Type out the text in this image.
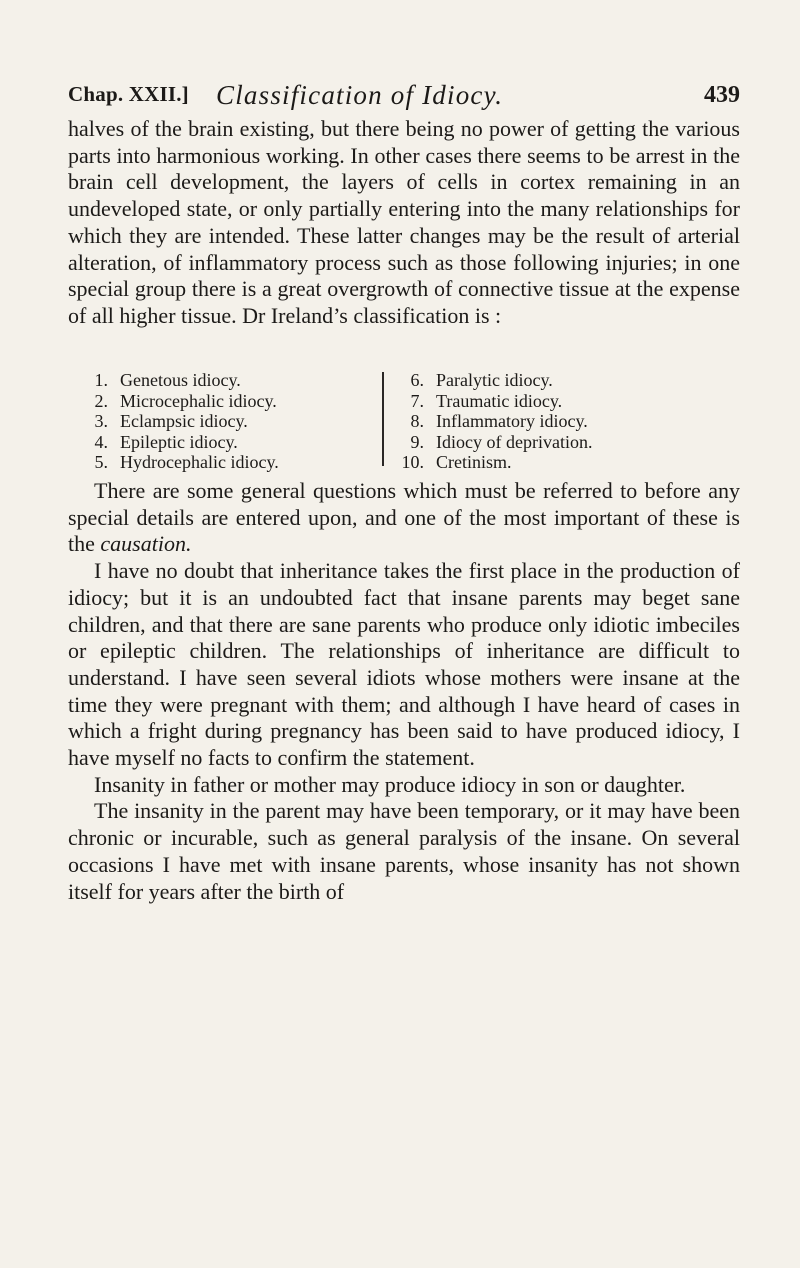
Chap. XXII.] Classification of Idiocy.	439

halves of the brain existing, but there being no power of getting the various parts into harmonious working. In other cases there seems to be arrest in the brain cell development, the layers of cells in cortex remaining in an undeveloped state, or only partially entering into the many relationships for which they are intended. These latter changes may be the result of arterial alteration, of inflammatory process such as those following injuries; in one special group there is a great overgrowth of connective tissue at the expense of all higher tissue. Dr Ireland’s classification is :

1. Genetous idiocy.
2. Microcephalic idiocy.
3. Eclampsic idiocy.
4. Epileptic idiocy.
5. Hydrocephalic idiocy.
6. Paralytic idiocy.
7. Traumatic idiocy.
8. Inflammatory idiocy.
9. Idiocy of deprivation.
10. Cretinism.

There are some general questions which must be referred to before any special details are entered upon, and one of the most important of these is the causation.

I have no doubt that inheritance takes the first place in the production of idiocy; but it is an undoubted fact that insane parents may beget sane children, and that there are sane parents who produce only idiotic imbeciles or epileptic children. The relationships of inheritance are difficult to understand. I have seen several idiots whose mothers were insane at the time they were pregnant with them; and although I have heard of cases in which a fright during pregnancy has been said to have produced idiocy, I have myself no facts to confirm the statement.

Insanity in father or mother may produce idiocy in son or daughter.

The insanity in the parent may have been temporary, or it may have been chronic or incurable, such as general paralysis of the insane. On several occasions I have met with insane parents, whose insanity has not shown itself for years after the birth of
